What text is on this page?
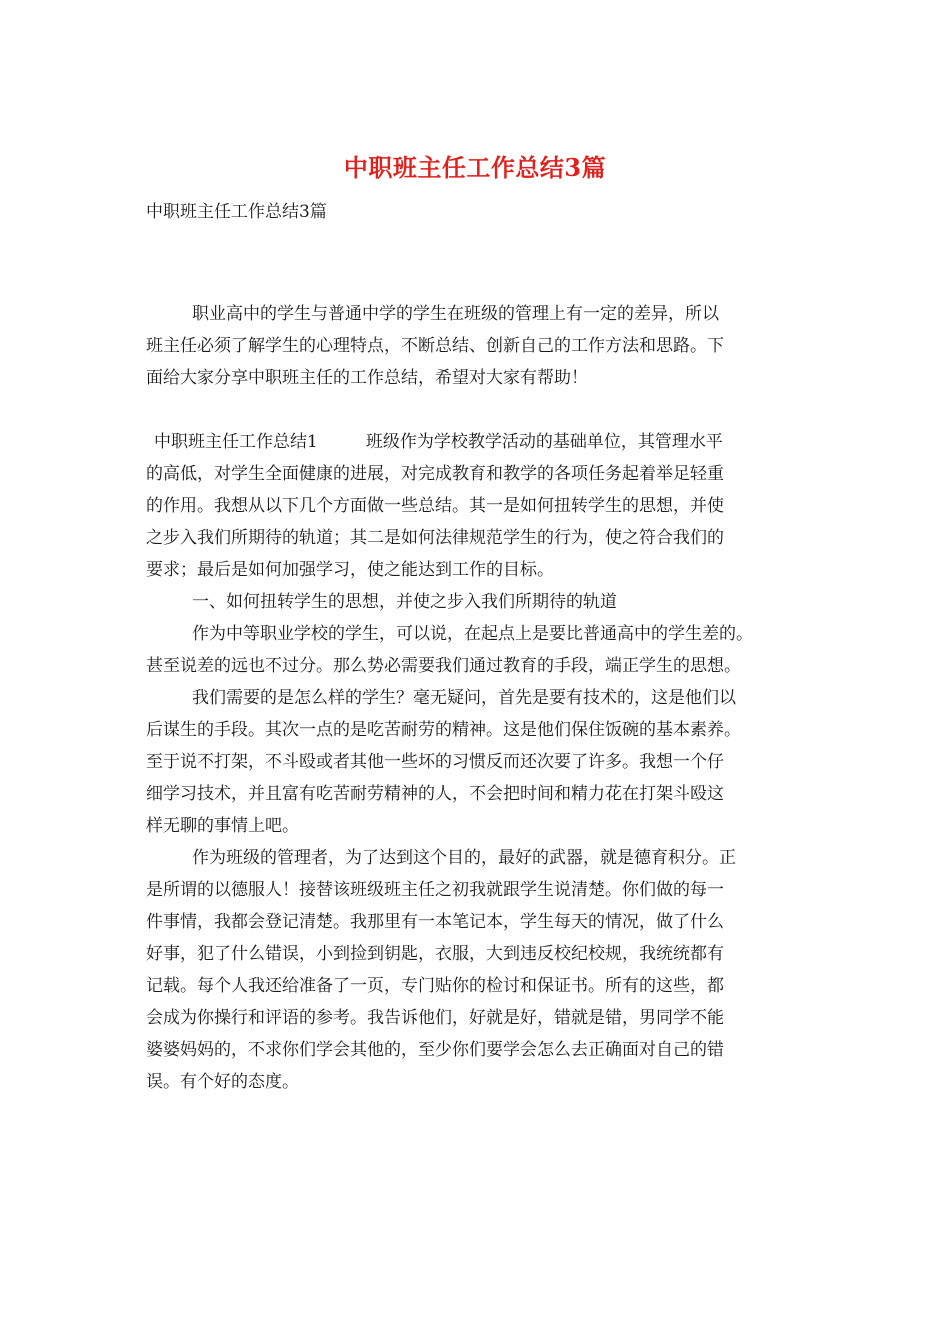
中职班主任工作总结3篇
中职班主任工作总结3篇
职业高中的学生与普通中学的学生在班级的管理上有一定的差异，所以
班主任必须了解学生的心理特点，不断总结、创新自己的工作方法和思路。下
面给大家分享中职班主任的工作总结，希望对大家有帮助！
中职班主任工作总结1	班级作为学校教学活动的基础单位，其管理水平
的高低，对学生全面健康的进展，对完成教育和教学的各项任务起着举足轻重
的作用。我想从以下几个方面做一些总结。其一是如何扭转学生的思想，并使
之步入我们所期待的轨道；其二是如何法律规范学生的行为，使之符合我们的
要求；最后是如何加强学习，使之能达到工作的目标。
一、如何扭转学生的思想，并使之步入我们所期待的轨道
作为中等职业学校的学生，可以说，在起点上是要比普通高中的学生差的。
甚至说差的远也不过分。那么势必需要我们通过教育的手段，端正学生的思想。
我们需要的是怎么样的学生？毫无疑问，首先是要有技术的，这是他们以
后谋生的手段。其次一点的是吃苦耐劳的精神。这是他们保住饭碗的基本素养。
至于说不打架，不斗殴或者其他一些坏的习惯反而还次要了许多。我想一个仔
细学习技术，并且富有吃苦耐劳精神的人，不会把时间和精力花在打架斗殴这
样无聊的事情上吧。
作为班级的管理者，为了达到这个目的，最好的武器，就是德育积分。正
是所谓的以德服人！接替该班级班主任之初我就跟学生说清楚。你们做的每一
件事情，我都会登记清楚。我那里有一本笔记本，学生每天的情况，做了什么
好事，犯了什么错误，小到捡到钥匙，衣服，大到违反校纪校规，我统统都有
记载。每个人我还给准备了一页，专门贴你的检讨和保证书。所有的这些，都
会成为你操行和评语的参考。我告诉他们，好就是好，错就是错，男同学不能
婆婆妈妈的，不求你们学会其他的，至少你们要学会怎么去正确面对自己的错
误。有个好的态度。
